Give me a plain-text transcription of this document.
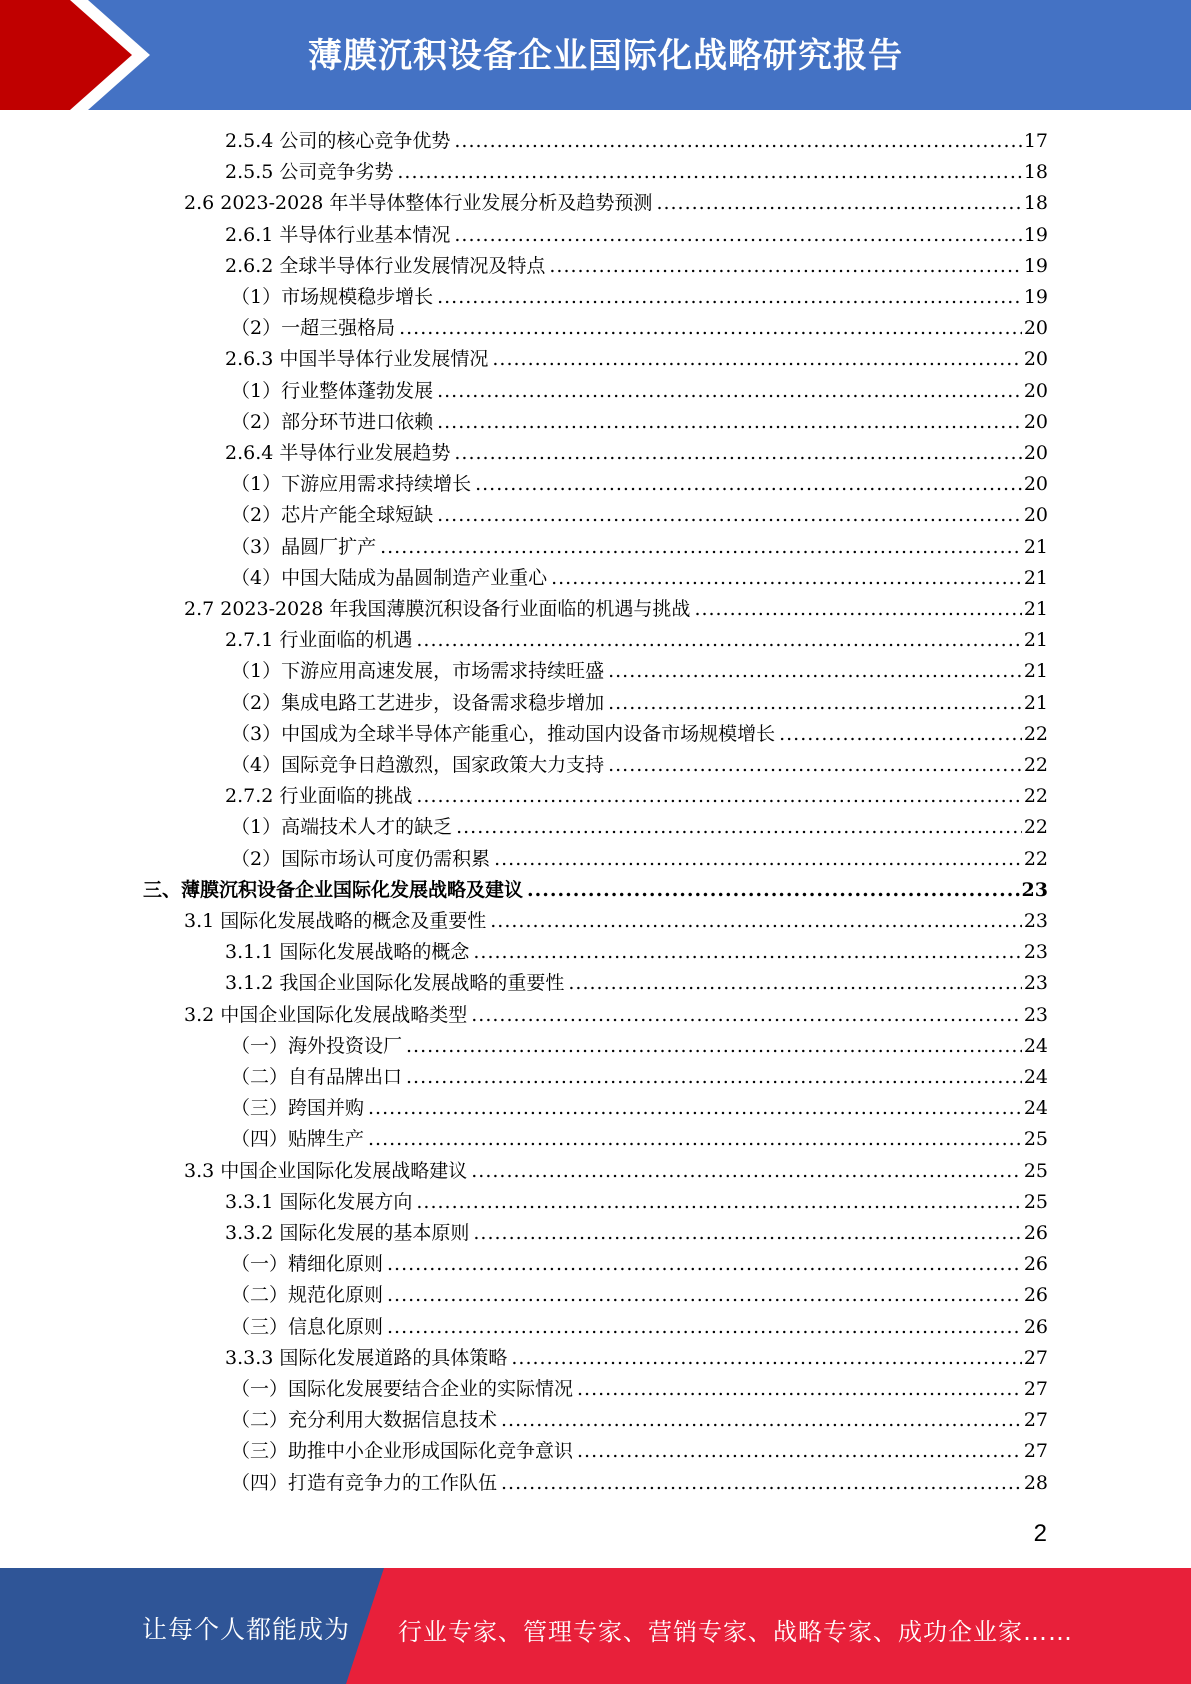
薄膜沉积设备企业国际化战略研究报告
2.5.4 公司的核心竞争优势 .....	17
2.5.5 公司竞争劣势 .....	18
2.6 2023-2028 年半导体整体行业发展分析及趋势预测 .....	18
2.6.1 半导体行业基本情况 .....	19
2.6.2 全球半导体行业发展情况及特点 .....	19
（1）市场规模稳步增长 .....	19
（2）一超三强格局 .....	20
2.6.3 中国半导体行业发展情况 .....	20
（1）行业整体蓬勃发展 .....	20
（2）部分环节进口依赖 .....	20
2.6.4 半导体行业发展趋势 .....	20
（1）下游应用需求持续增长 .....	20
（2）芯片产能全球短缺 .....	20
（3）晶圆厂扩产 .....	21
（4）中国大陆成为晶圆制造产业重心 .....	21
2.7 2023-2028 年我国薄膜沉积设备行业面临的机遇与挑战 .....	21
2.7.1 行业面临的机遇 .....	21
（1）下游应用高速发展，市场需求持续旺盛 .....	21
（2）集成电路工艺进步，设备需求稳步增加 .....	21
（3）中国成为全球半导体产能重心，推动国内设备市场规模增长 .....	22
（4）国际竞争日趋激烈，国家政策大力支持 .....	22
2.7.2 行业面临的挑战 .....	22
（1）高端技术人才的缺乏 .....	22
（2）国际市场认可度仍需积累 .....	22
三、薄膜沉积设备企业国际化发展战略及建议 .....	23
3.1 国际化发展战略的概念及重要性 .....	23
3.1.1 国际化发展战略的概念 .....	23
3.1.2 我国企业国际化发展战略的重要性 .....	23
3.2 中国企业国际化发展战略类型 .....	23
（一）海外投资设厂 .....	24
（二）自有品牌出口 .....	24
（三）跨国并购 .....	24
（四）贴牌生产 .....	25
3.3 中国企业国际化发展战略建议 .....	25
3.3.1 国际化发展方向 .....	25
3.3.2 国际化发展的基本原则 .....	26
（一）精细化原则 .....	26
（二）规范化原则 .....	26
（三）信息化原则 .....	26
3.3.3 国际化发展道路的具体策略 .....	27
（一）国际化发展要结合企业的实际情况 .....	27
（二）充分利用大数据信息技术 .....	27
（三）助推中小企业形成国际化竞争意识 .....	27
（四）打造有竞争力的工作队伍 .....	28
2
让每个人都能成为 行业专家、管理专家、营销专家、战略专家、成功企业家……
